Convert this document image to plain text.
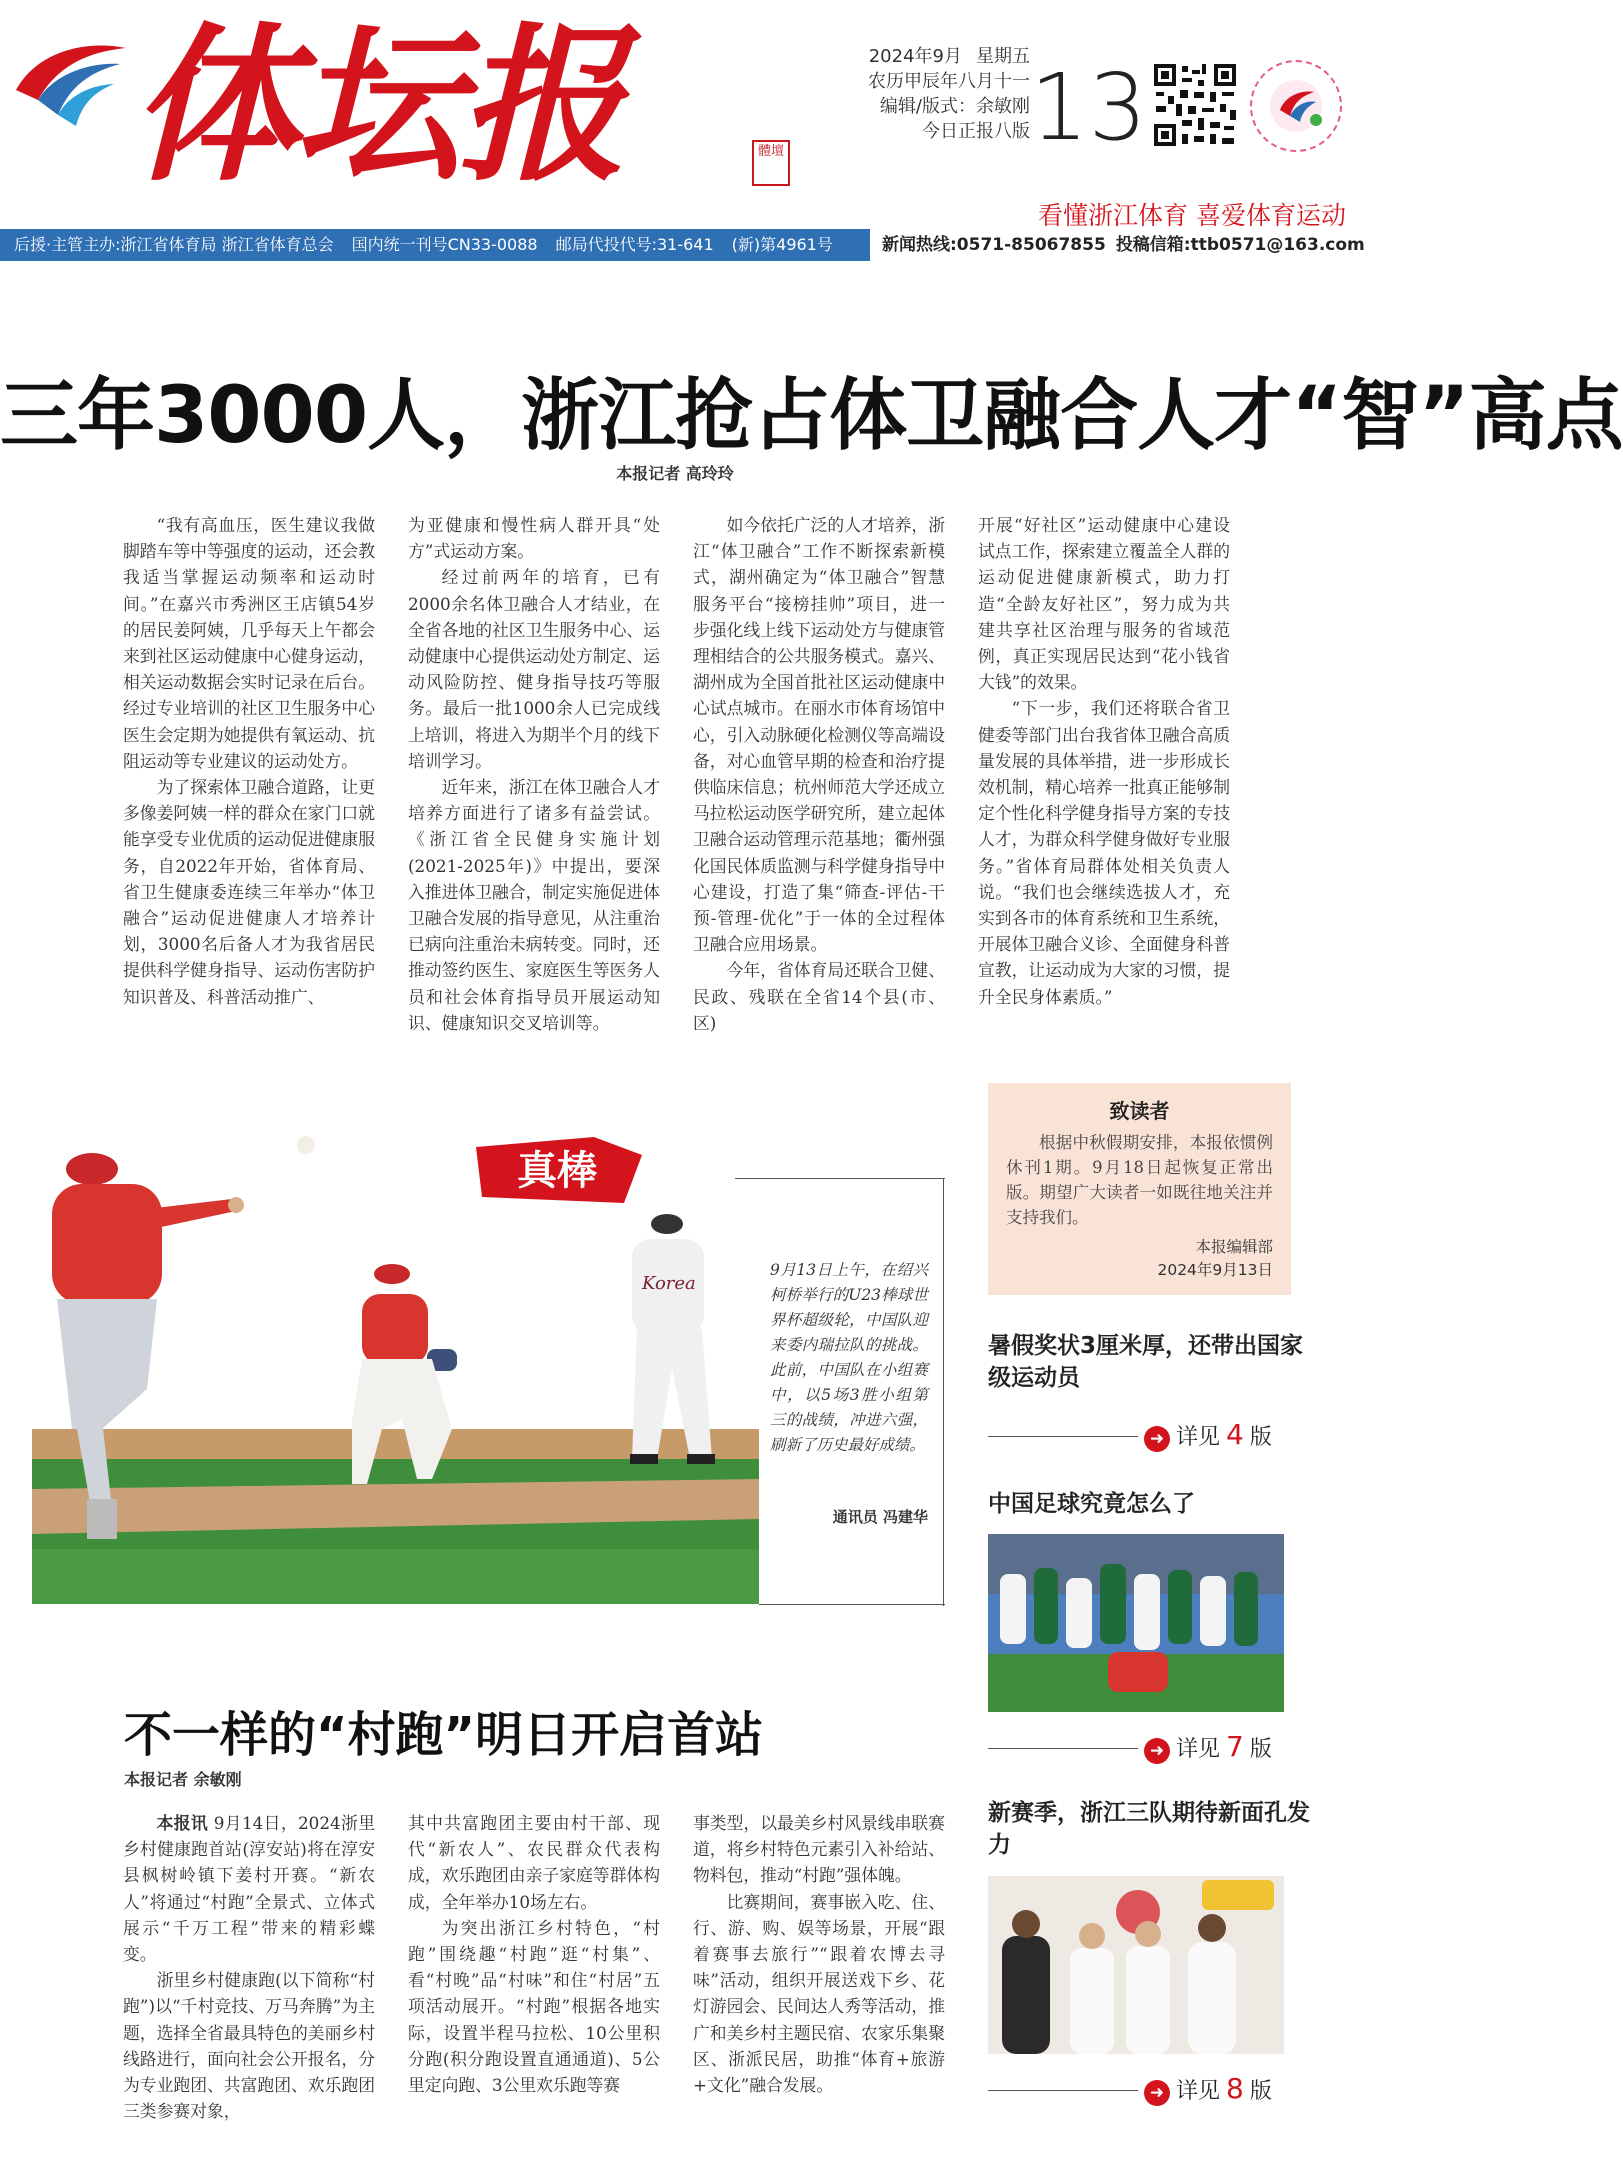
体坛报	體壇
2024年9月 星期五
农历甲辰年八月十一
编辑/版式：余敏刚
今日正报八版 13
看懂浙江体育 喜爱体育运动
后援·主管主办:浙江省体育局 浙江省体育总会 国内统一刊号CN33-0088 邮局代投代号:31-641 (新)第4961号	新闻热线:0571-85067855 投稿信箱:ttb0571@163.com
三年3000人，浙江抢占体卫融合人才“智”高点
本报记者 高玲玲

“我有高血压，医生建议我做脚踏车等中等强度的运动，还会教我适当掌握运动频率和运动时间。”在嘉兴市秀洲区王店镇54岁的居民姜阿姨，几乎每天上午都会来到社区运动健康中心健身运动，相关运动数据会实时记录在后台。经过专业培训的社区卫生服务中心医生会定期为她提供有氧运动、抗阻运动等专业建议的运动处方。

为了探索体卫融合道路，让更多像姜阿姨一样的群众在家门口就能享受专业优质的运动促进健康服务，自2022年开始，省体育局、省卫生健康委连续三年举办“体卫融合”运动促进健康人才培养计划，3000名后备人才为我省居民提供科学健身指导、运动伤害防护知识普及、科普活动推广、

为亚健康和慢性病人群开具“处方”式运动方案。

经过前两年的培育，已有2000余名体卫融合人才结业，在全省各地的社区卫生服务中心、运动健康中心提供运动处方制定、运动风险防控、健身指导技巧等服务。最后一批1000余人已完成线上培训，将进入为期半个月的线下培训学习。

近年来，浙江在体卫融合人才培养方面进行了诸多有益尝试。《浙江省全民健身实施计划(2021-2025年)》中提出，要深入推进体卫融合，制定实施促进体卫融合发展的指导意见，从注重治已病向注重治未病转变。同时，还推动签约医生、家庭医生等医务人员和社会体育指导员开展运动知识、健康知识交叉培训等。

如今依托广泛的人才培养，浙江“体卫融合”工作不断探索新模式，湖州确定为“体卫融合”智慧服务平台“接榜挂帅”项目，进一步强化线上线下运动处方与健康管理相结合的公共服务模式。嘉兴、湖州成为全国首批社区运动健康中心试点城市。在丽水市体育场馆中心，引入动脉硬化检测仪等高端设备，对心血管早期的检查和治疗提供临床信息；杭州师范大学还成立马拉松运动医学研究所，建立起体卫融合运动管理示范基地；衢州强化国民体质监测与科学健身指导中心建设，打造了集“筛查-评估-干预-管理-优化”于一体的全过程体卫融合应用场景。

今年，省体育局还联合卫健、民政、残联在全省14个县(市、区)

开展“好社区”运动健康中心建设试点工作，探索建立覆盖全人群的运动促进健康新模式，助力打造“全龄友好社区”，努力成为共建共享社区治理与服务的省域范例，真正实现居民达到“花小钱省大钱”的效果。

“下一步，我们还将联合省卫健委等部门出台我省体卫融合高质量发展的具体举措，进一步形成长效机制，精心培养一批真正能够制定个性化科学健身指导方案的专技人才，为群众科学健身做好专业服务。”省体育局群体处相关负责人说。“我们也会继续选拔人才，充实到各市的体育系统和卫生系统，开展体卫融合义诊、全面健身科普宣教，让运动成为大家的习惯，提升全民身体素质。”

Korea
真棒
9月13日上午，在绍兴柯桥举行的U23棒球世界杯超级轮，中国队迎来委内瑞拉队的挑战。此前，中国队在小组赛中，以5场3胜小组第三的战绩，冲进六强，刷新了历史最好成绩。
通讯员 冯建华
致读者
根据中秋假期安排，本报依惯例休刊1期。9月18日起恢复正常出版。期望广大读者一如既往地关注并支持我们。
本报编辑部
2024年9月13日
暑假奖状3厘米厚，还带出国家级运动员
➜ 详见 4 版
中国足球究竟怎么了
➜ 详见 7 版
新赛季，浙江三队期待新面孔发力
➜ 详见 8 版
不一样的“村跑”明日开启首站
本报记者 余敏刚

本报讯 9月14日，2024浙里乡村健康跑首站(淳安站)将在淳安县枫树岭镇下姜村开赛。“新农人”将通过“村跑”全景式、立体式展示“千万工程”带来的精彩蝶变。

浙里乡村健康跑(以下简称“村跑”)以“千村竞技、万马奔腾”为主题，选择全省最具特色的美丽乡村线路进行，面向社会公开报名，分为专业跑团、共富跑团、欢乐跑团三类参赛对象，

其中共富跑团主要由村干部、现代“新农人”、农民群众代表构成，欢乐跑团由亲子家庭等群体构成，全年举办10场左右。

为突出浙江乡村特色，“村跑”围绕趣“村跑”逛“村集”、看“村晚”品“村味”和住“村居”五项活动展开。“村跑”根据各地实际，设置半程马拉松、10公里积分跑(积分跑设置直通通道)、5公里定向跑、3公里欢乐跑等赛

事类型，以最美乡村风景线串联赛道，将乡村特色元素引入补给站、物料包，推动“村跑”强体魄。

比赛期间，赛事嵌入吃、住、行、游、购、娱等场景，开展“跟着赛事去旅行”“跟着农博去寻味”活动，组织开展送戏下乡、花灯游园会、民间达人秀等活动，推广和美乡村主题民宿、农家乐集聚区、浙派民居，助推“体育+旅游+文化”融合发展。
